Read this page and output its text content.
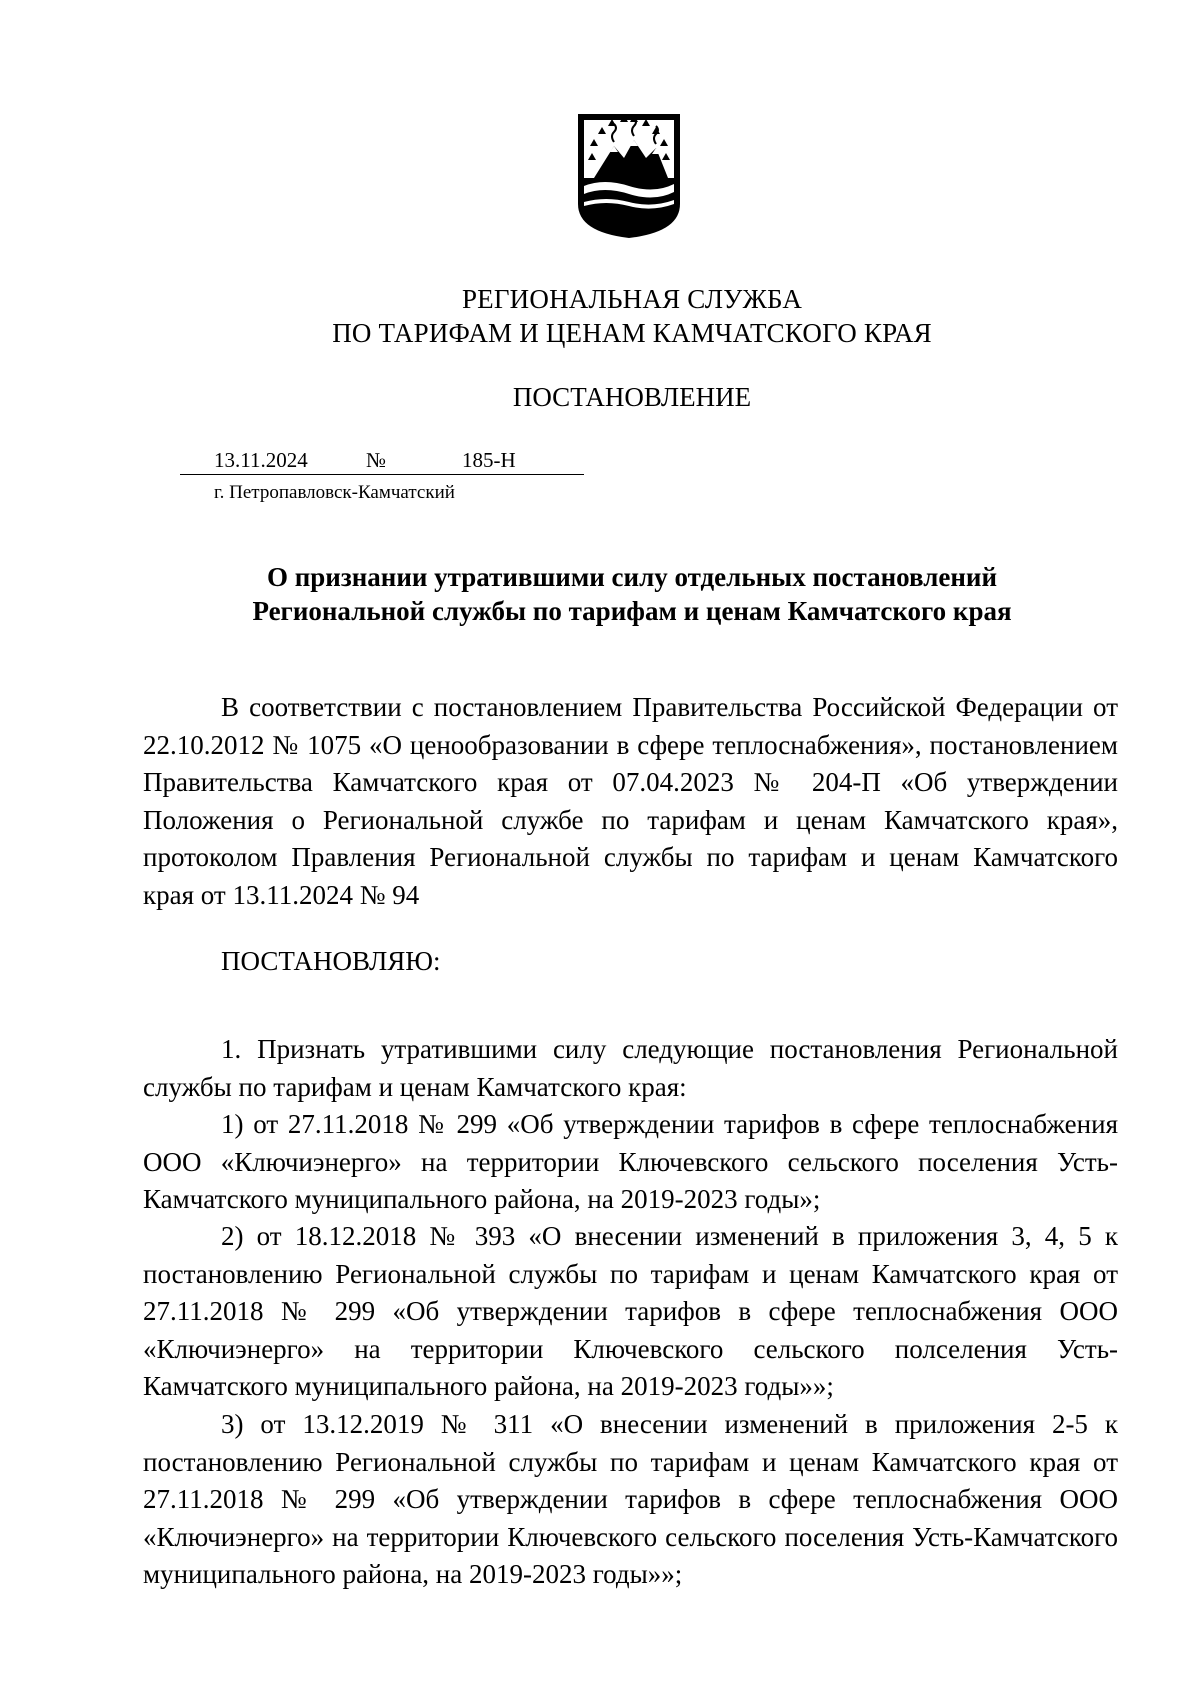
РЕГИОНАЛЬНАЯ СЛУЖБА
ПО ТАРИФАМ И ЦЕНАМ КАМЧАТСКОГО КРАЯ
ПОСТАНОВЛЕНИЕ
13.11.2024	№	185-Н
г. Петропавловск-Камчатский
О признании утратившими силу отдельных постановлений
Региональной службы по тарифам и ценам Камчатского края

В соответствии с постановлением Правительства Российской Федерации от 22.10.2012 № 1075 «О ценообразовании в сфере теплоснабжения», постановлением Правительства Камчатского края от 07.04.2023 № 204-П «Об утверждении Положения о Региональной службе по тарифам и ценам Камчатского края», протоколом Правления Региональной службы по тарифам и ценам Камчатского края от 13.11.2024 № 94

ПОСТАНОВЛЯЮ:

1. Признать утратившими силу следующие постановления Региональной службы по тарифам и ценам Камчатского края:

1) от 27.11.2018 № 299 «Об утверждении тарифов в сфере теплоснабжения ООО «Ключиэнерго» на территории Ключевского сельского поселения Усть-Камчатского муниципального района, на 2019-2023 годы»;

2) от 18.12.2018 № 393 «О внесении изменений в приложения 3, 4, 5 к постановлению Региональной службы по тарифам и ценам Камчатского края от 27.11.2018 № 299 «Об утверждении тарифов в сфере теплоснабжения ООО «Ключиэнерго» на территории Ключевского сельского полселения Усть-Камчатского муниципального района, на 2019-2023 годы»»;

3) от 13.12.2019 № 311 «О внесении изменений в приложения 2-5 к постановлению Региональной службы по тарифам и ценам Камчатского края от 27.11.2018 № 299 «Об утверждении тарифов в сфере теплоснабжения ООО «Ключиэнерго» на территории Ключевского сельского поселения Усть-Камчатского муниципального района, на 2019-2023 годы»»;
